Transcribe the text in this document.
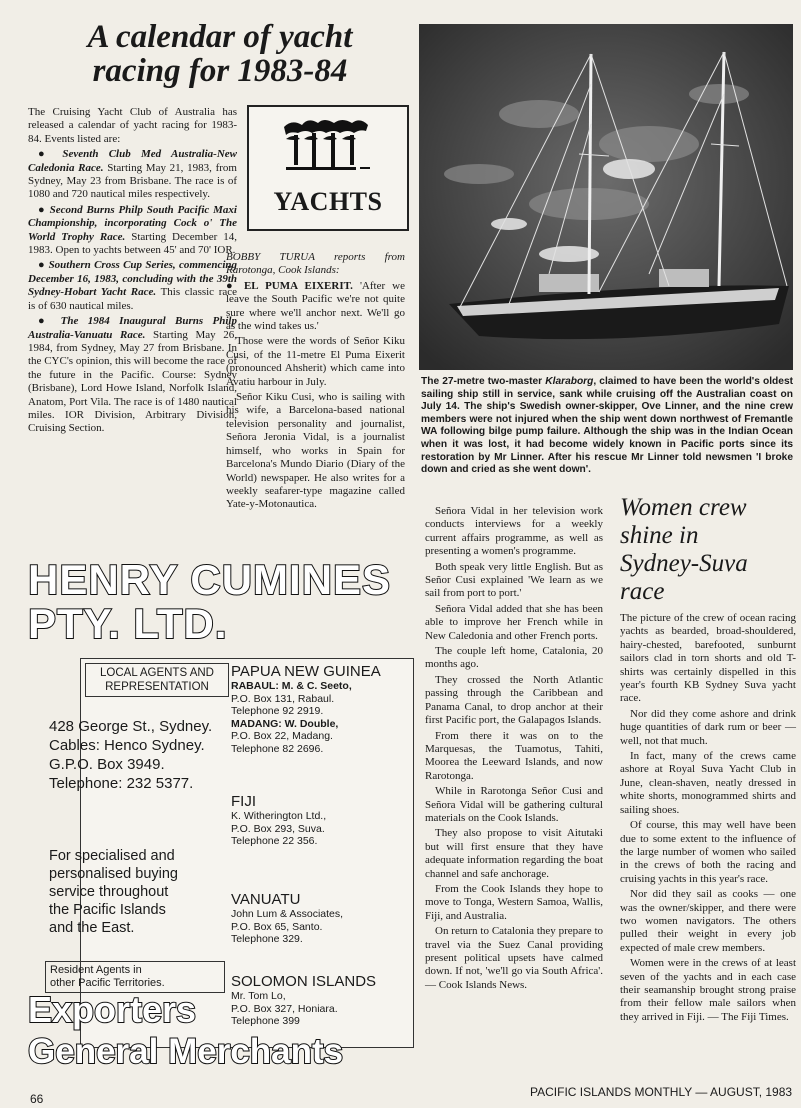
A calendar of yacht
racing for 1983-84

The Cruising Yacht Club of Australia has released a calendar of yacht racing for 1983-84. Events listed are:

● Seventh Club Med Australia-New Caledonia Race. Starting May 21, 1983, from Sydney, May 23 from Brisbane. The race is of 1080 and 720 nautical miles respectively.

● Second Burns Philp South Pacific Maxi Championship, incorporating Cock o' The World Trophy Race. Starting December 14, 1983. Open to yachts between 45' and 70' IOR.

● Southern Cross Cup Series, commencing December 16, 1983, concluding with the 39th Sydney-Hobart Yacht Race. This classic race is of 630 nautical miles.

● The 1984 Inaugural Burns Philp Australia-Vanuatu Race. Starting May 26, 1984, from Sydney, May 27 from Brisbane. In the CYC's opinion, this will become the race of the future in the Pacific. Course: Sydney (Brisbane), Lord Howe Island, Norfolk Island, Anatom, Port Vila. The race is of 1480 nautical miles. IOR Division, Arbitrary Division, Cruising Section.

YACHTS

BOBBY TURUA reports from Rarotonga, Cook Islands:

● EL PUMA EIXERIT. 'After we leave the South Pacific we're not quite sure where we'll anchor next. We'll go as the wind takes us.'

Those were the words of Señor Kiku Cusi, of the 11-metre El Puma Eixerit (pronounced Ahsherit) which came into Avatiu harbour in July.

Señor Kiku Cusi, who is sailing with his wife, a Barcelona-based national television personality and journalist, Señora Jeronia Vidal, is a journalist himself, who works in Spain for Barcelona's Mundo Diario (Diary of the World) newspaper. He also writes for a weekly seafarer-type magazine called Yate-y-Motonautica.

The 27-metre two-master Klaraborg, claimed to have been the world's oldest sailing ship still in service, sank while cruising off the Australian coast on July 14. The ship's Swedish owner-skipper, Ove Linner, and the nine crew members were not injured when the ship went down northwest of Fremantle WA following bilge pump failure. Although the ship was in the Indian Ocean when it was lost, it had become widely known in Pacific ports since its restoration by Mr Linner. After his rescue Mr Linner told newsmen 'I broke down and cried as she went down'.

Señora Vidal in her television work conducts interviews for a weekly current affairs programme, as well as presenting a women's programme.

Both speak very little English. But as Señor Cusi explained 'We learn as we sail from port to port.'

Señora Vidal added that she has been able to improve her French while in New Caledonia and other French ports.

The couple left home, Catalonia, 20 months ago.

They crossed the North Atlantic passing through the Caribbean and Panama Canal, to drop anchor at their first Pacific port, the Galapagos Islands.

From there it was on to the Marquesas, the Tuamotus, Tahiti, Moorea the Leeward Islands, and now Rarotonga.

While in Rarotonga Señor Cusi and Señora Vidal will be gathering cultural materials on the Cook Islands.

They also propose to visit Aitutaki but will first ensure that they have adequate information regarding the boat channel and safe anchorage.

From the Cook Islands they hope to move to Tonga, Western Samoa, Wallis, Fiji, and Australia.

On return to Catalonia they prepare to travel via the Suez Canal providing present political upsets have calmed down. If not, 'we'll go via South Africa'. — Cook Islands News.

Women crew
shine in
Sydney-Suva
race

The picture of the crew of ocean racing yachts as bearded, broad-shouldered, hairy-chested, barefooted, sunburnt sailors clad in torn shorts and old T-shirts was certainly dispelled in this year's fourth KB Sydney Suva yacht race.

Nor did they come ashore and drink huge quantities of dark rum or beer — well, not that much.

In fact, many of the crews came ashore at Royal Suva Yacht Club in June, clean-shaven, neatly dressed in white shorts, monogrammed shirts and sailing shoes.

Of course, this may well have been due to some extent to the influence of the large number of women who sailed in the crews of both the racing and cruising yachts in this year's race.

Nor did they sail as cooks — one was the owner/skipper, and there were two women navigators. The others pulled their weight in every job expected of male crew members.

Women were in the crews of at least seven of the yachts and in each case their seamanship brought strong praise from their fellow male sailors when they arrived in Fiji. — The Fiji Times.

HENRY CUMINES
PTY. LTD.
LOCAL AGENTS AND REPRESENTATION
428 George St., Sydney.
Cables: Henco Sydney.
G.P.O. Box 3949.
Telephone: 232 5377.
For specialised and
personalised buying
service throughout
the Pacific Islands
and the East.
Resident Agents in
other Pacific Territories.
PAPUA NEW GUINEA
RABAUL: M. & C. Seeto,
P.O. Box 131, Rabaul.
Telephone 92 2919.
MADANG: W. Double,
P.O. Box 22, Madang.
Telephone 82 2696.
FIJI
K. Witherington Ltd.,
P.O. Box 293, Suva.
Telephone 22 356.
VANUATU
John Lum & Associates,
P.O. Box 65, Santo.
Telephone 329.
SOLOMON ISLANDS
Mr. Tom Lo,
P.O. Box 327, Honiara.
Telephone 399
Exporters
General Merchants
66	PACIFIC ISLANDS MONTHLY — AUGUST, 1983
